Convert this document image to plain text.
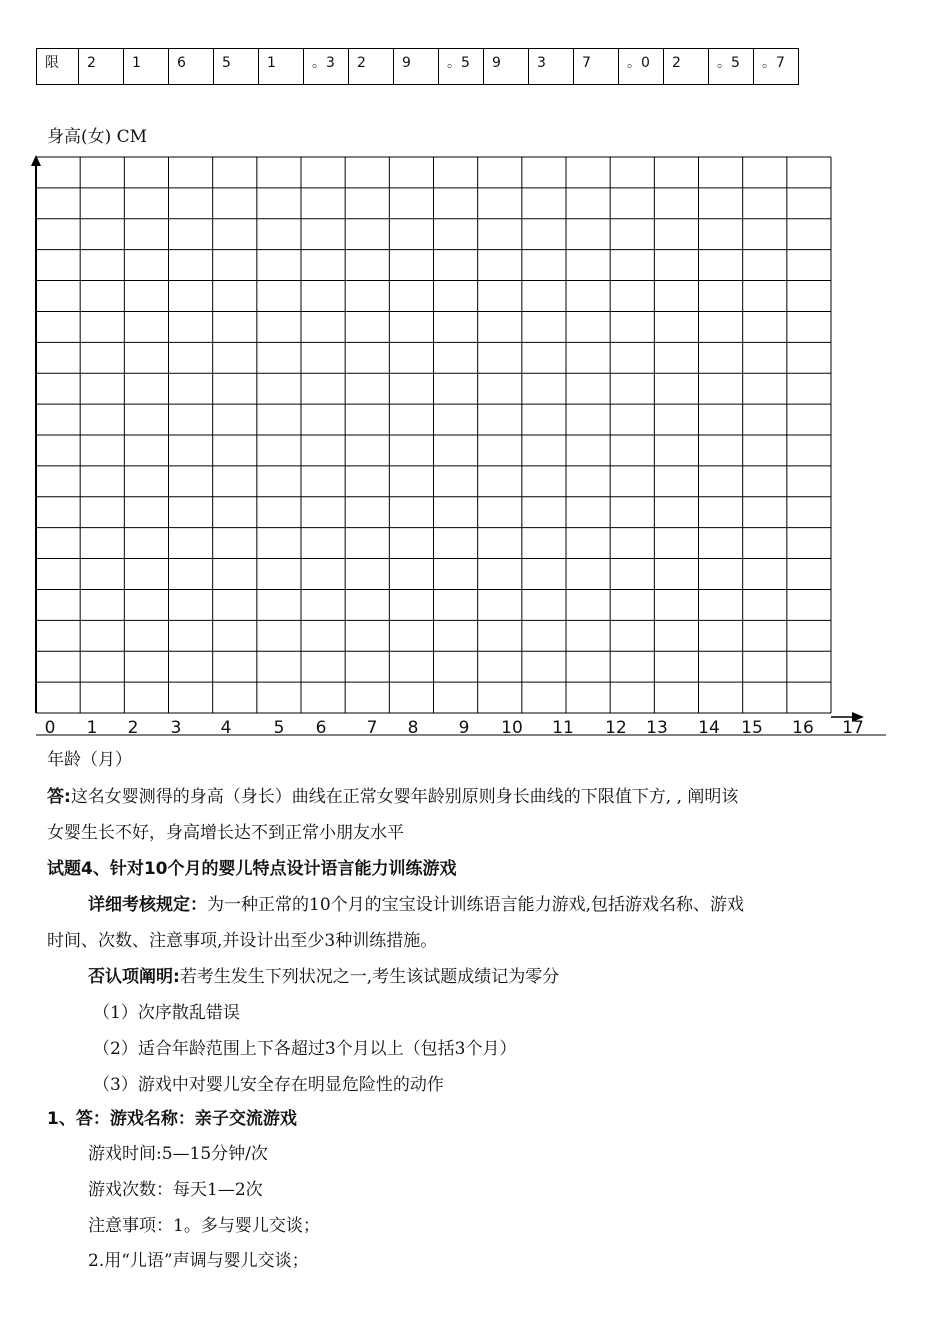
限	2	1	6	5	1	。3	2	9	。5	9	3	7	。0	2	。5	。7
身高(女) CM
0 1 2 3 4 5 6 7 8 9 10 11 12 13 14 15 16 17
年龄（月）
答:这名女婴测得的身高（身长）曲线在正常女婴年龄别原则身长曲线的下限值下方, , 阐明该
女婴生长不好，身高增长达不到正常小朋友水平
试题4、针对10个月的婴儿特点设计语言能力训练游戏
详细考核规定：为一种正常的10个月的宝宝设计训练语言能力游戏,包括游戏名称、游戏
时间、次数、注意事项,并设计出至少3种训练措施。
否认项阐明:若考生发生下列状况之一,考生该试题成绩记为零分
（1）次序散乱错误
（2）适合年龄范围上下各超过3个月以上（包括3个月）
（3）游戏中对婴儿安全存在明显危险性的动作
1、答：游戏名称：亲子交流游戏
游戏时间:5—15分钟/次
游戏次数：每天1—2次
注意事项：1。多与婴儿交谈；
2.用“儿语”声调与婴儿交谈；
